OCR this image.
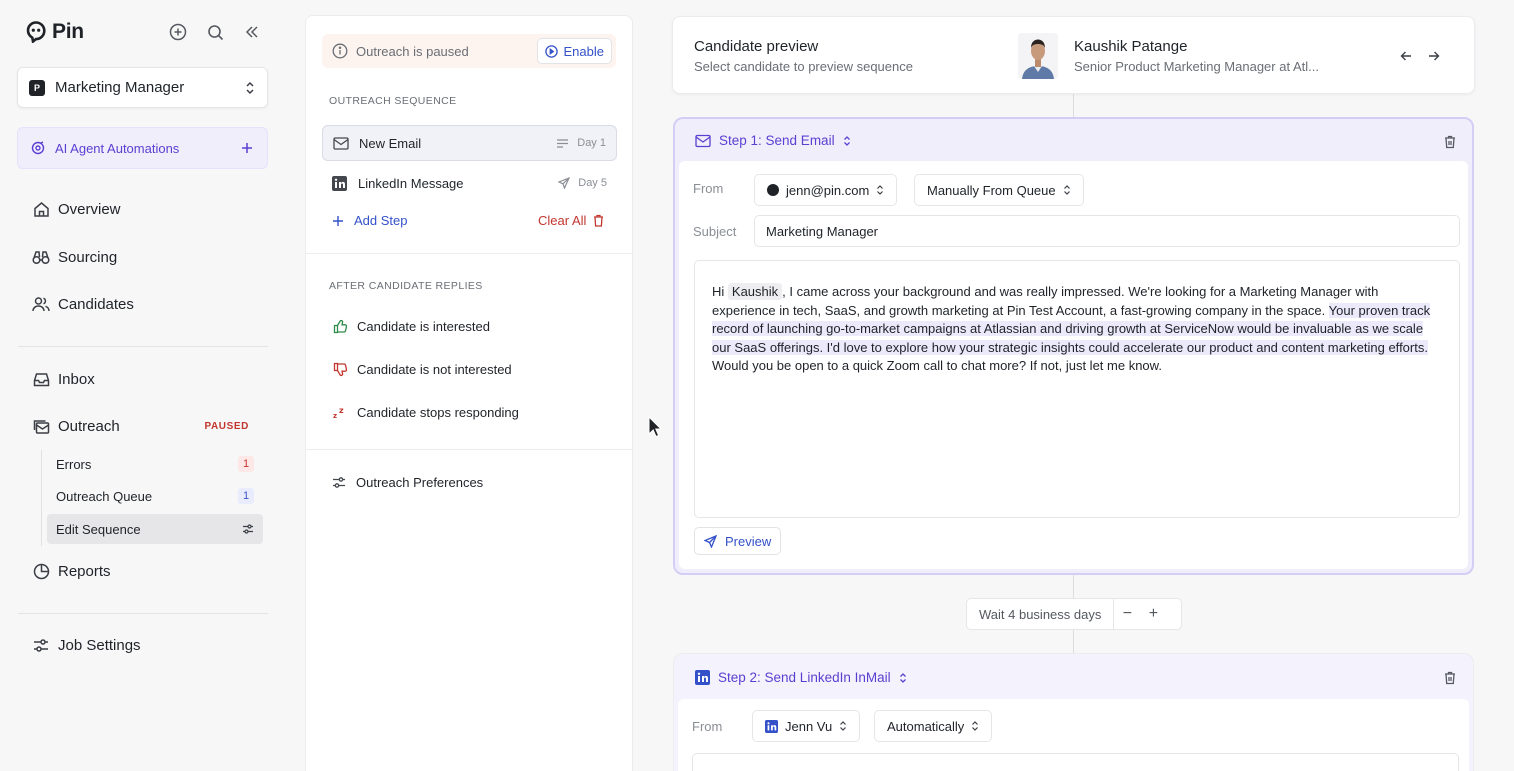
Pin
P	Marketing Manager
AI Agent Automations
Overview
Sourcing
Candidates
Inbox
Outreach	PAUSED
Errors	1
Outreach Queue	1
Edit Sequence
Reports
Job Settings
Outreach is paused	Enable
OUTREACH SEQUENCE
New Email	Day 1
LinkedIn Message	Day 5
Add Step	Clear All
AFTER CANDIDATE REPLIES
Candidate is interested
Candidate is not interested
z
z Candidate stops responding
Outreach Preferences
Candidate preview
Select candidate to preview sequence
Kaushik Patange
Senior Product Marketing Manager at Atl...
Step 1: Send Email
From	jenn@pin.com	Manually From Queue
Subject Marketing Manager
Hi Kaushik , I came across your background and was really impressed. We're looking for a Marketing Manager with experience in tech, SaaS, and growth marketing at Pin Test Account, a fast-growing company in the space. Your proven track record of launching go-to-market campaigns at Atlassian and driving growth at ServiceNow would be invaluable as we scale our SaaS offerings. I'd love to explore how your strategic insights could accelerate our product and content marketing efforts. Would you be open to a quick Zoom call to chat more? If not, just let me know.
Preview
Wait 4 business days	−	+
Step 2: Send LinkedIn InMail
From	Jenn Vu	Automatically
